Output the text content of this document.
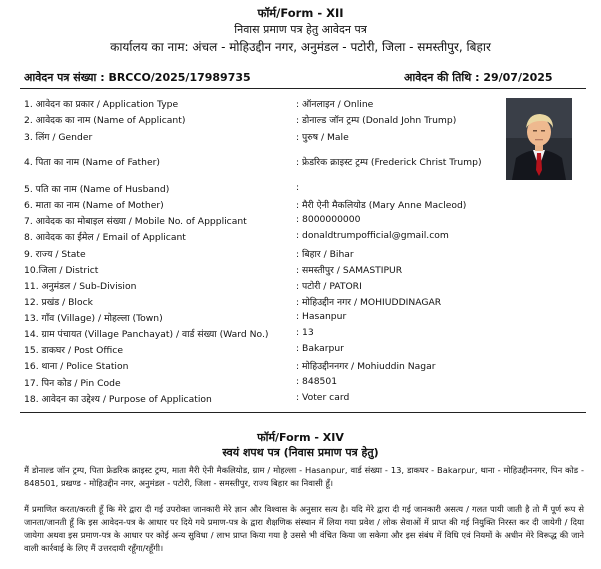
फॉर्म/Form - XII
निवास प्रमाण पत्र हेतु आवेदन पत्र
कार्यालय का नाम: अंचल - मोहिउद्दीन नगर, अनुमंडल - पटोरी, जिला - समस्तीपुर, बिहार
आवेदन पत्र संख्या : BRCCO/2025/17989735	आवेदन की तिथि : 29/07/2025
1. आवेदन का प्रकार / Application Type	: ऑनलाइन / Online
2. आवेदक का नाम (Name of Applicant)	: डोनाल्ड जॉन ट्रम्प (Donald John Trump)
3. लिंग / Gender	: पुरुष / Male
4. पिता का नाम (Name of Father)	: फ्रेडरिक क्राइस्ट ट्रम्प (Frederick Christ Trump)
5. पति का नाम (Name of Husband)	:
6. माता का नाम (Name of Mother)	: मैरी ऐनी मैकलियोड (Mary Anne Macleod)
7. आवेदक का मोबाइल संख्या / Mobile No. of Appplicant	: 8000000000
8. आवेदक का ईमेल / Email of Applicant	: donaldtrumpofficial@gmail.com
9. राज्य / State	: बिहार / Bihar
10.जिला / District	: समस्तीपुर / SAMASTIPUR
11. अनुमंडल / Sub-Division	: पटोरी / PATORI
12. प्रखंड / Block	: मोहिउद्दीन नगर / MOHIUDDINAGAR
13. गाँव (Village) / मोहल्ला (Town)	: Hasanpur
14. ग्राम पंचायत (Village Panchayat) / वार्ड संख्या (Ward No.)	: 13
15. डाकघर / Post Office	: Bakarpur
16. थाना / Police Station	: मोहिउद्दीननगर / Mohiuddin Nagar
17. पिन कोड / Pin Code	: 848501
18. आवेदन का उद्देश्य / Purpose of Application	: Voter card
फॉर्म/Form - XIV
स्वयं शपथ पत्र (निवास प्रमाण पत्र हेतु)
मैं डोनाल्ड जॉन ट्रम्प, पिता फ्रेडरिक क्राइस्ट ट्रम्प, माता मैरी ऐनी मैकलियोड, ग्राम / मोहल्ला - Hasanpur, वार्ड संख्या - 13, डाकघर - Bakarpur, थाना - मोहिउद्दीननगर, पिन कोड - 848501, प्रखण्ड - मोहिउद्दीन नगर, अनुमंडल - पटोरी, जिला - समस्तीपुर, राज्य बिहार का निवासी हूँ।
मैं प्रमाणित करता/करती हूँ कि मेरे द्वारा दी गई उपरोक्त जानकारी मेरे ज्ञान और विश्वास के अनुसार सत्य है। यदि मेरे द्वारा दी गई जानकारी असत्य / गलत पायी जाती है तो मैं पूर्ण रूप से जानता/जानती हूँ कि इस आवेदन-पत्र के आधार पर दिये गये प्रमाण-पत्र के द्वारा शैक्षणिक संस्थान में लिया गया प्रवेश / लोक सेवाओं में प्राप्त की गई नियुक्ति निरस्त कर दी जायेगी / दिया जायेगा अथवा इस प्रमाण-पत्र के आधार पर कोई अन्य सुविधा / लाभ प्राप्त किया गया है उससे भी वंचित किया जा सकेगा और इस संबंध में विधि एवं नियमों के अधीन मेरे विरूद्ध की जाने वाली कार्रवाई के लिए मैं उत्तरदायी रहूँगा/रहूँगी।
